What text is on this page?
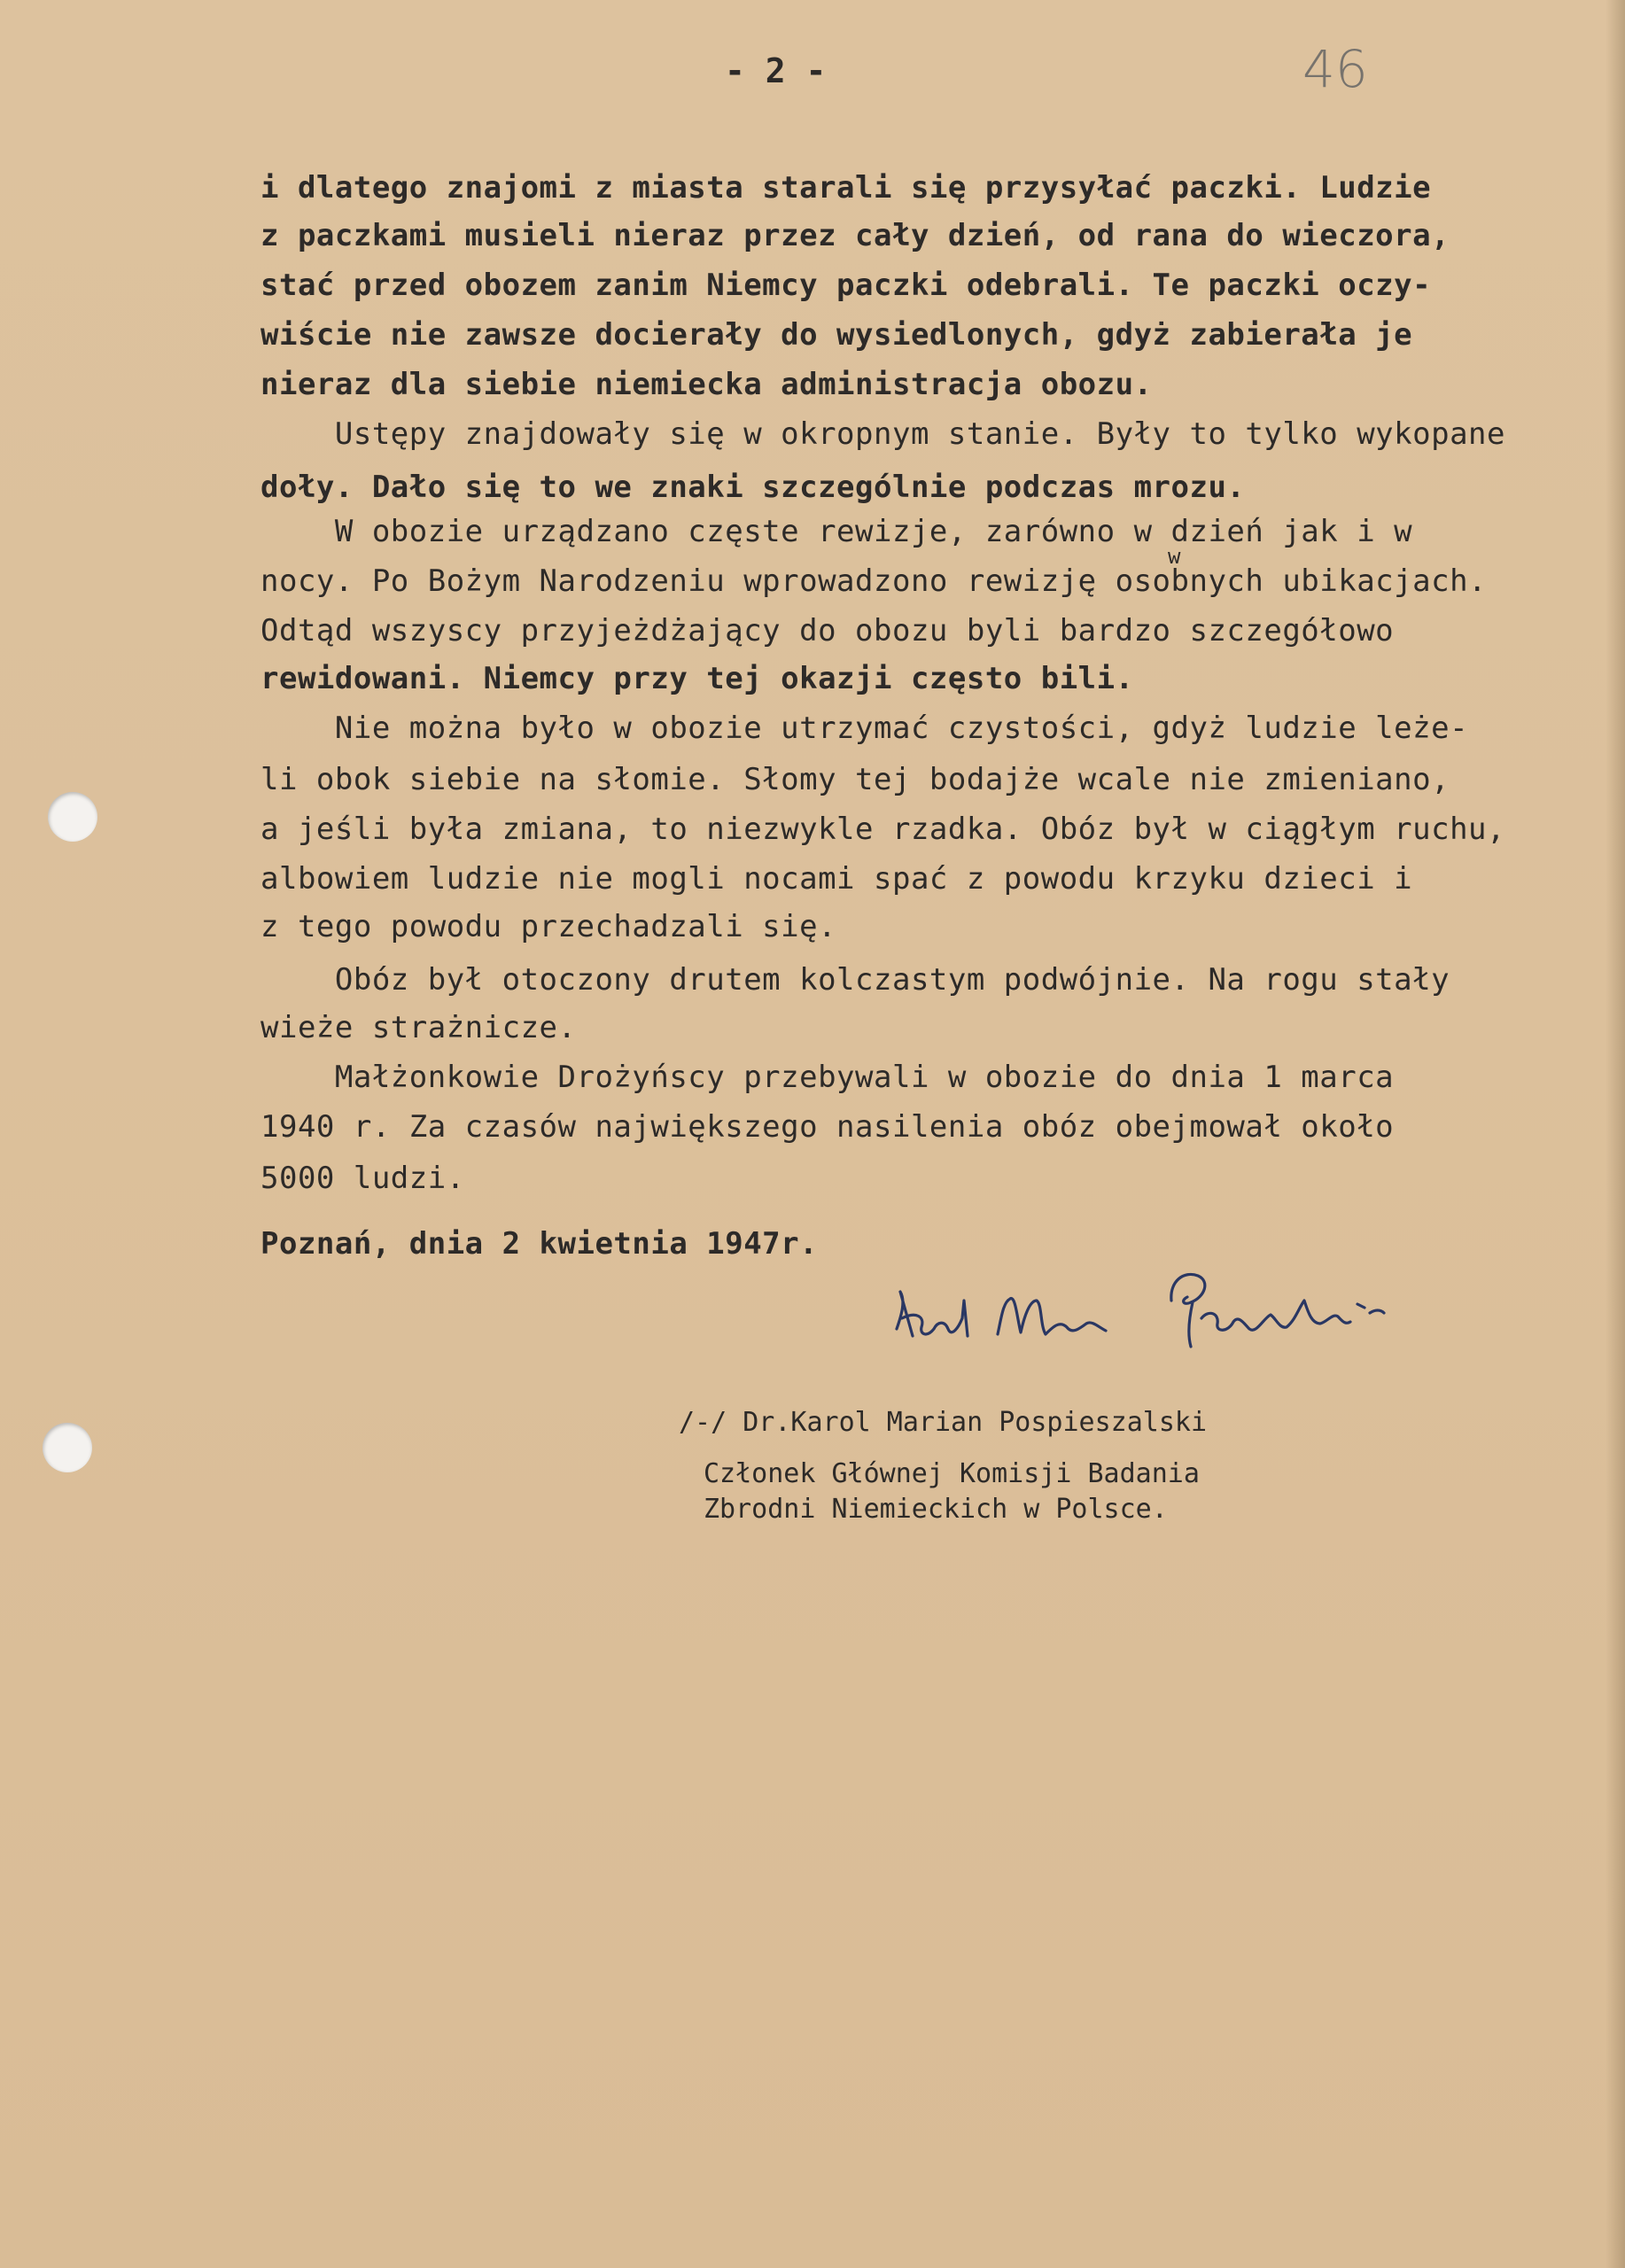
- 2 -	46
i dlatego znajomi z miasta starali się przysyłać paczki. Ludzie
z paczkami musieli nieraz przez cały dzień, od rana do wieczora,
stać przed obozem zanim Niemcy paczki odebrali. Te paczki oczy-
wiście nie zawsze docierały do wysiedlonych, gdyż zabierała je
nieraz dla siebie niemiecka administracja obozu.
Ustępy znajdowały się w okropnym stanie. Były to tylko wykopane
doły. Dało się to we znaki szczególnie podczas mrozu.
W obozie urządzano częste rewizje, zarówno w dzień jak i w
nocy. Po Bożym Narodzeniu wprowadzono rewizję osobnych ubikacjach.
Odtąd wszyscy przyjeżdżający do obozu byli bardzo szczegółowo
rewidowani. Niemcy przy tej okazji często bili.
Nie można było w obozie utrzymać czystości, gdyż ludzie leże-
li obok siebie na słomie. Słomy tej bodajże wcale nie zmieniano,
a jeśli była zmiana, to niezwykle rzadka. Obóz był w ciągłym ruchu,
albowiem ludzie nie mogli nocami spać z powodu krzyku dzieci i
z tego powodu przechadzali się.
Obóz był otoczony drutem kolczastym podwójnie. Na rogu stały
wieże strażnicze.
Małżonkowie Drożyńscy przebywali w obozie do dnia 1 marca
1940 r. Za czasów największego nasilenia obóz obejmował około
5000 ludzi.
w
Poznań, dnia 2 kwietnia 1947r.
/-/ Dr.Karol Marian Pospieszalski
Członek Głównej Komisji Badania
Zbrodni Niemieckich w Polsce.
